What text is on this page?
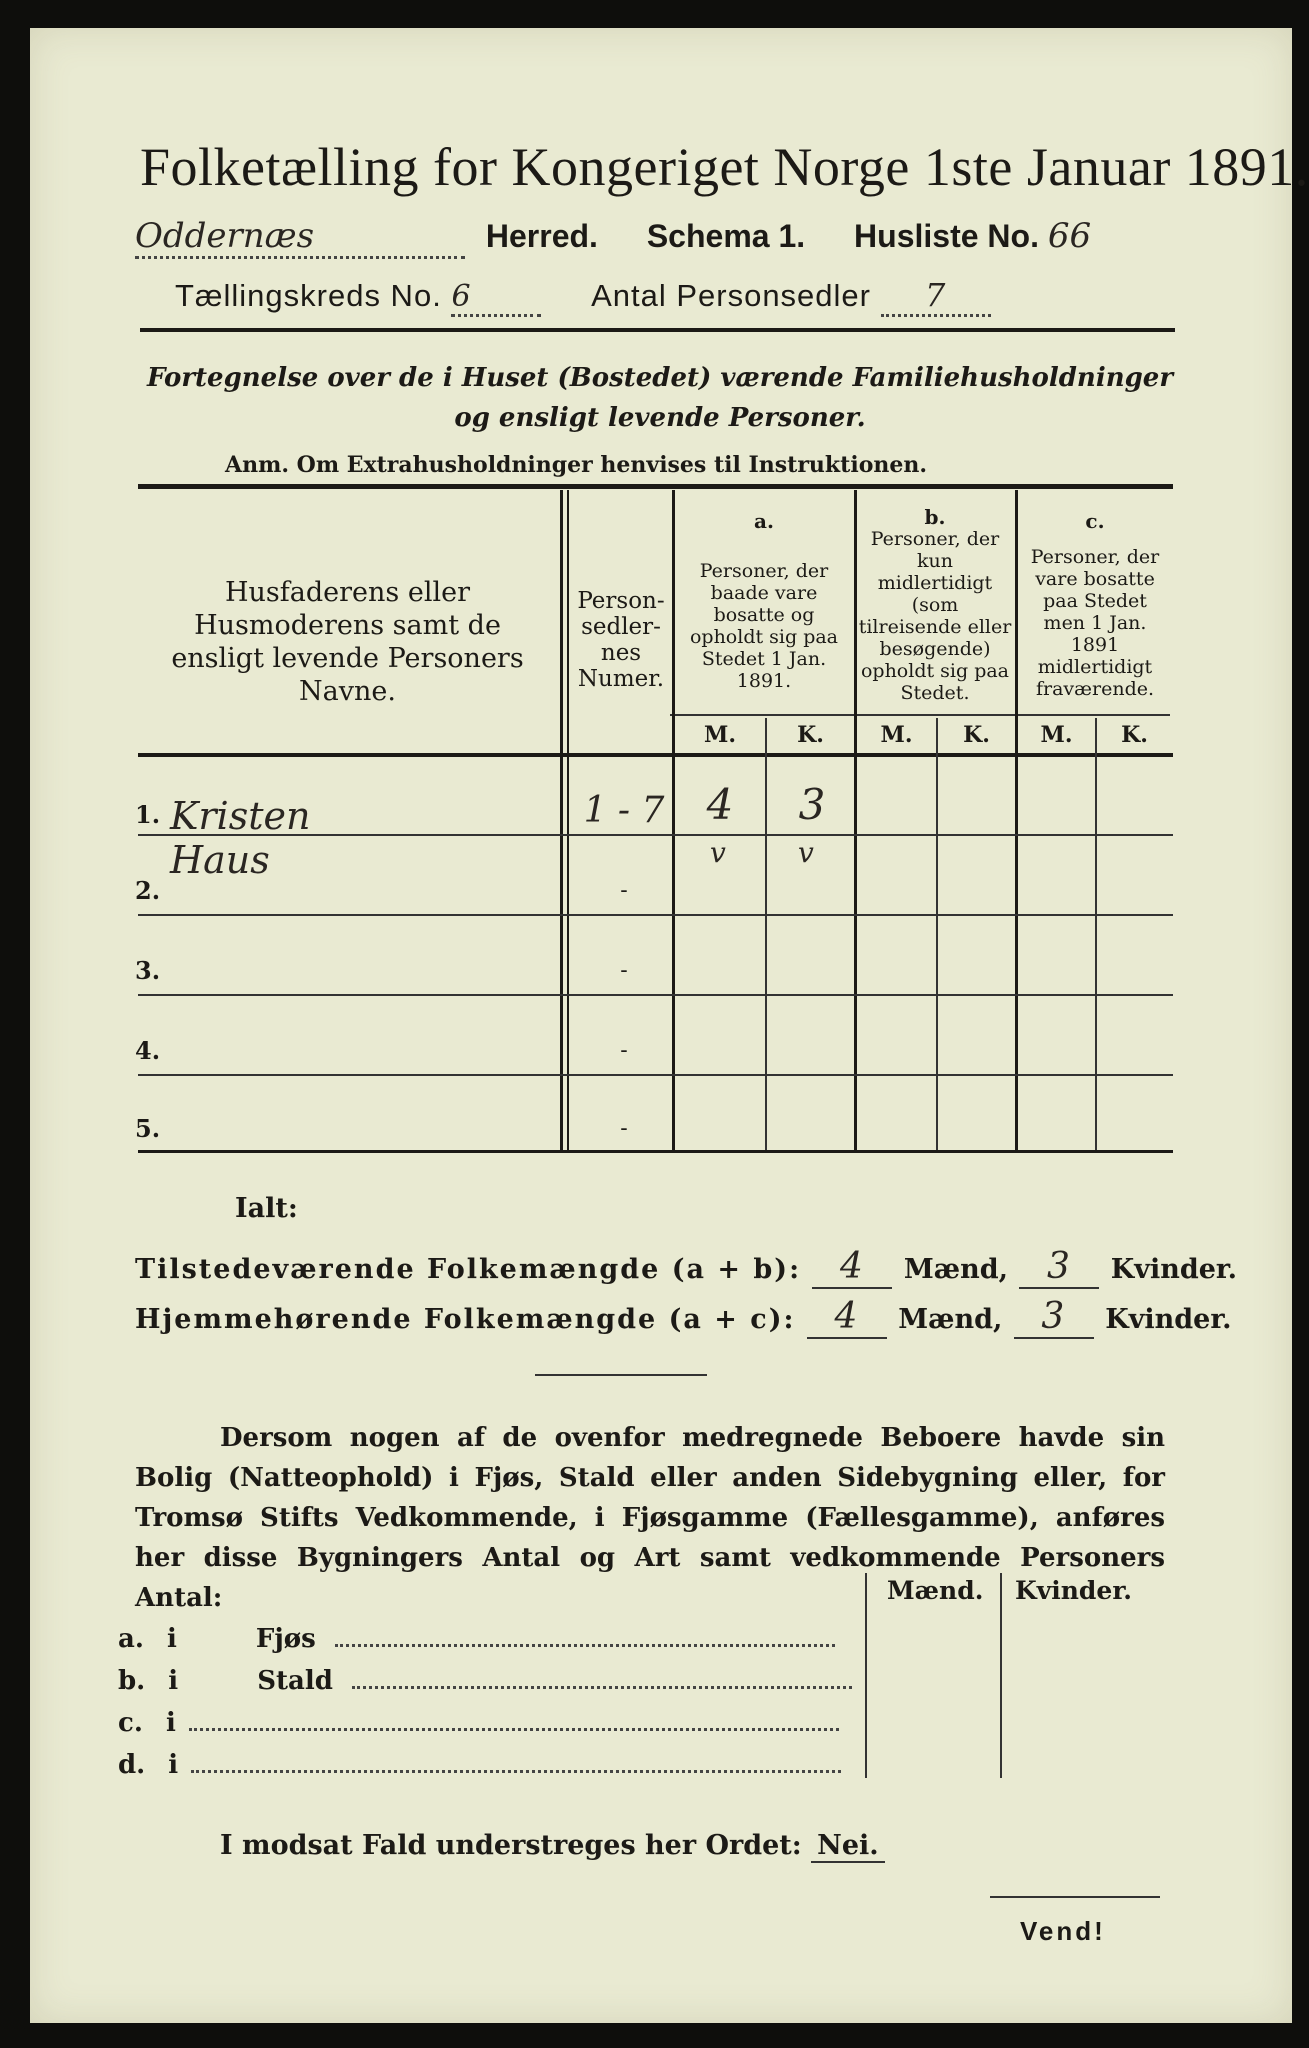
Folketælling for Kongeriget Norge 1ste Januar 1891.
Oddernæs	Herred. Schema 1. Husliste No. 66
Tællingskreds No. 6	Antal Personsedler 7
Fortegnelse over de i Huset (Bostedet) værende Familiehusholdninger og ensligt levende Personer.
Anm. Om Extrahusholdninger henvises til Instruktionen.
Husfaderens eller Husmoderens samt de ensligt levende Personers Navne.
Person-sedler-nes Numer.
a.
Personer, der baade vare bosatte og opholdt sig paa Stedet 1 Jan. 1891.
b.
Personer, der kun midlertidigt (som tilreisende eller besøgende) opholdt sig paa Stedet.
c.
Personer, der vare bosatte paa Stedet men 1 Jan. 1891 midlertidigt fraværende.
M.	K.	M.	K.	M.	K.
1. Kristen Haus
1 - 7	4	3
v	v
2.	-
3.	-
4.	-
5.	-
Ialt:
Tilstedeværende Folkemængde (a + b): 4 Mænd, 3 Kvinder.
Hjemmehørende Folkemængde (a + c): 4 Mænd, 3 Kvinder.
Dersom nogen af de ovenfor medregnede Beboere havde sin Bolig (Natteophold) i Fjøs, Stald eller anden Sidebygning eller, for Tromsø Stifts Vedkommende, i Fjøsgamme (Fællesgamme), anføres her disse Bygningers Antal og Art samt vedkommende Personers Antal:	Mænd. Kvinder.
a. i	Fjøs
b. i	Stald
c. i
d. i
I modsat Fald understreges her Ordet: Nei.
Vend!
